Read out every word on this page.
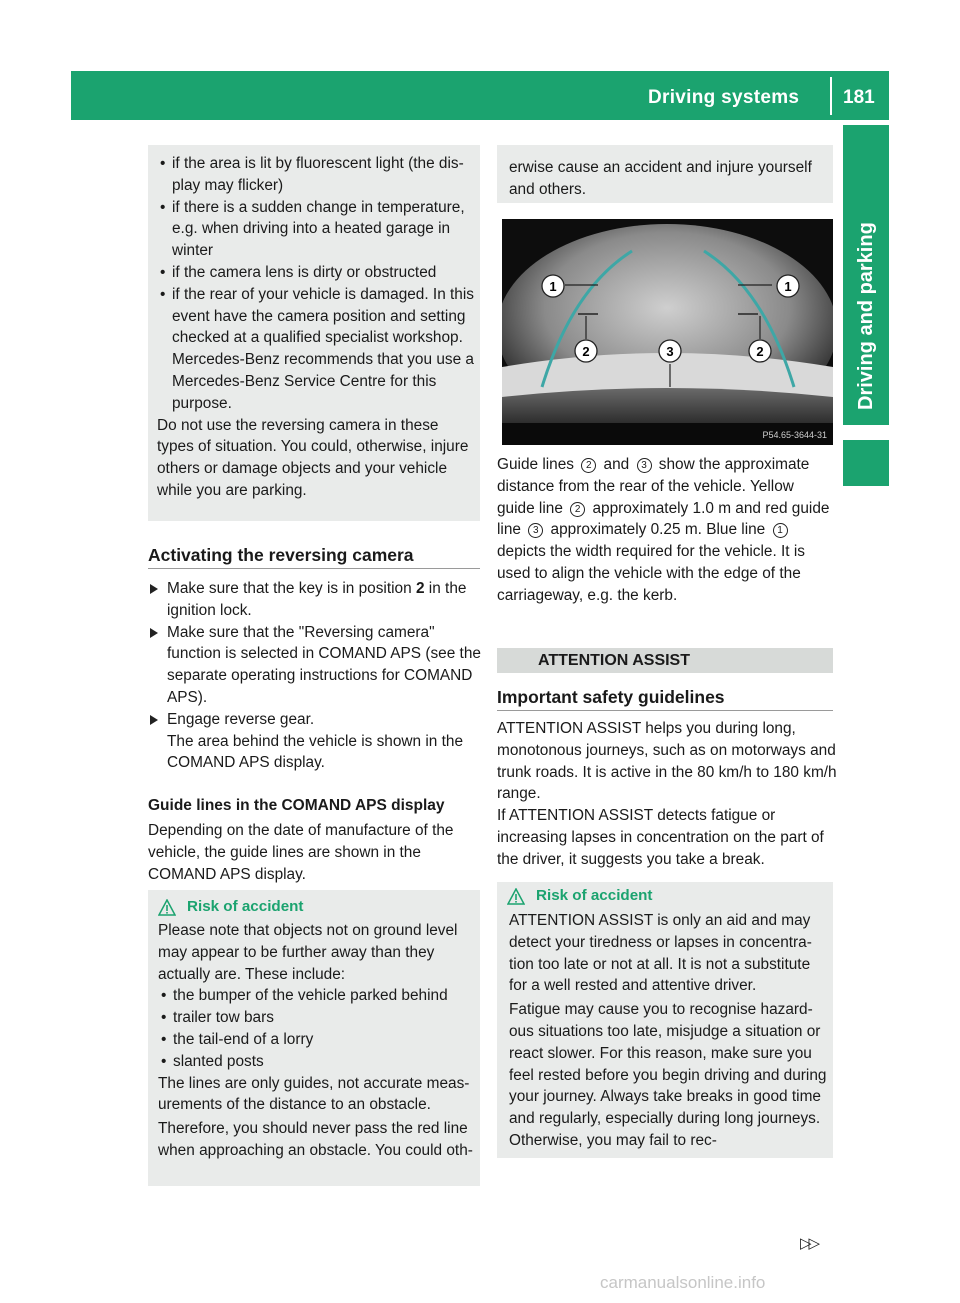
Driving systems 181
Driving and parking
• if the area is lit by fluorescent light (the dis-play may flicker)
• if there is a sudden change in temperature, e.g. when driving into a heated garage in winter
• if the camera lens is dirty or obstructed
• if the rear of your vehicle is damaged. In this event have the camera position and setting checked at a qualified specialist workshop. Mercedes-Benz recommends that you use a Mercedes-Benz Service Centre for this purpose.
Do not use the reversing camera in these types of situation. You could, otherwise, injure others or damage objects and your vehicle while you are parking.
Activating the reversing camera
Make sure that the key is in position 2 in the ignition lock.
Make sure that the "Reversing camera" function is selected in COMAND APS (see the separate operating instructions for COMAND APS).
Engage reverse gear.
The area behind the vehicle is shown in the COMAND APS display.
Guide lines in the COMAND APS display
Depending on the date of manufacture of the vehicle, the guide lines are shown in the COMAND APS display.
Risk of accident
Please note that objects not on ground level may appear to be further away than they actually are. These include:
• the bumper of the vehicle parked behind
• trailer tow bars
• the tail-end of a lorry
• slanted posts
The lines are only guides, not accurate meas-urements of the distance to an obstacle.
Therefore, you should never pass the red line when approaching an obstacle. You could oth-
erwise cause an accident and injure yourself and others.
1	1
2	3	2
P54.65-3644-31
Guide lines 2 and 3 show the approximate distance from the rear of the vehicle. Yellow guide line 2 approximately 1.0 m and red guide line 3 approximately 0.25 m. Blue line 1 depicts the width required for the vehicle. It is used to align the vehicle with the edge of the carriageway, e.g. the kerb.
ATTENTION ASSIST
Important safety guidelines
ATTENTION ASSIST helps you during long, monotonous journeys, such as on motorways and trunk roads. It is active in the 80 km/h to 180 km/h range.
If ATTENTION ASSIST detects fatigue or increasing lapses in concentration on the part of the driver, it suggests you take a break.
Risk of accident
ATTENTION ASSIST is only an aid and may detect your tiredness or lapses in concentra-tion too late or not at all. It is not a substitute for a well rested and attentive driver.
Fatigue may cause you to recognise hazard-ous situations too late, misjudge a situation or react slower. For this reason, make sure you feel rested before you begin driving and during your journey. Always take breaks in good time and regularly, especially during long journeys. Otherwise, you may fail to rec-
▷▷
carmanualsonline.info
